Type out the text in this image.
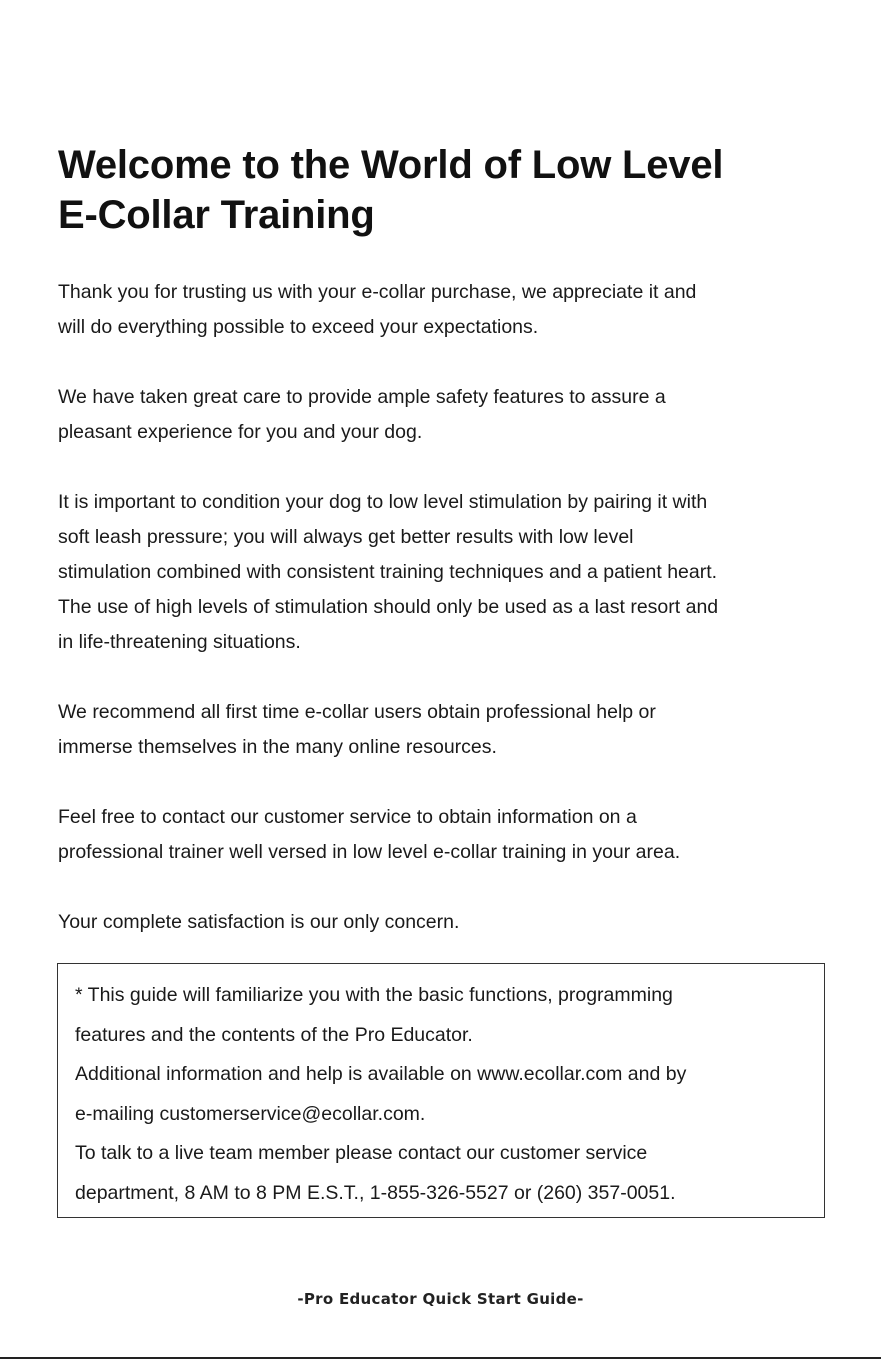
Welcome to the World of Low Level
E-Collar Training

Thank you for trusting us with your e-collar purchase, we appreciate it and
will do everything possible to exceed your expectations.

We have taken great care to provide ample safety features to assure a
pleasant experience for you and your dog.

It is important to condition your dog to low level stimulation by pairing it with
soft leash pressure; you will always get better results with low level
stimulation combined with consistent training techniques and a patient heart.
The use of high levels of stimulation should only be used as a last resort and
in life-threatening situations.

We recommend all first time e-collar users obtain professional help or
immerse themselves in the many online resources.

Feel free to contact our customer service to obtain information on a
professional trainer well versed in low level e-collar training in your area.

Your complete satisfaction is our only concern.

* This guide will familiarize you with the basic functions, programming
features and the contents of the Pro Educator.
Additional information and help is available on www.ecollar.com and by
e-mailing customerservice@ecollar.com.
To talk to a live team member please contact our customer service
department, 8 AM to 8 PM E.S.T., 1-855-326-5527 or (260) 357-0051.

-Pro Educator Quick Start Guide-
